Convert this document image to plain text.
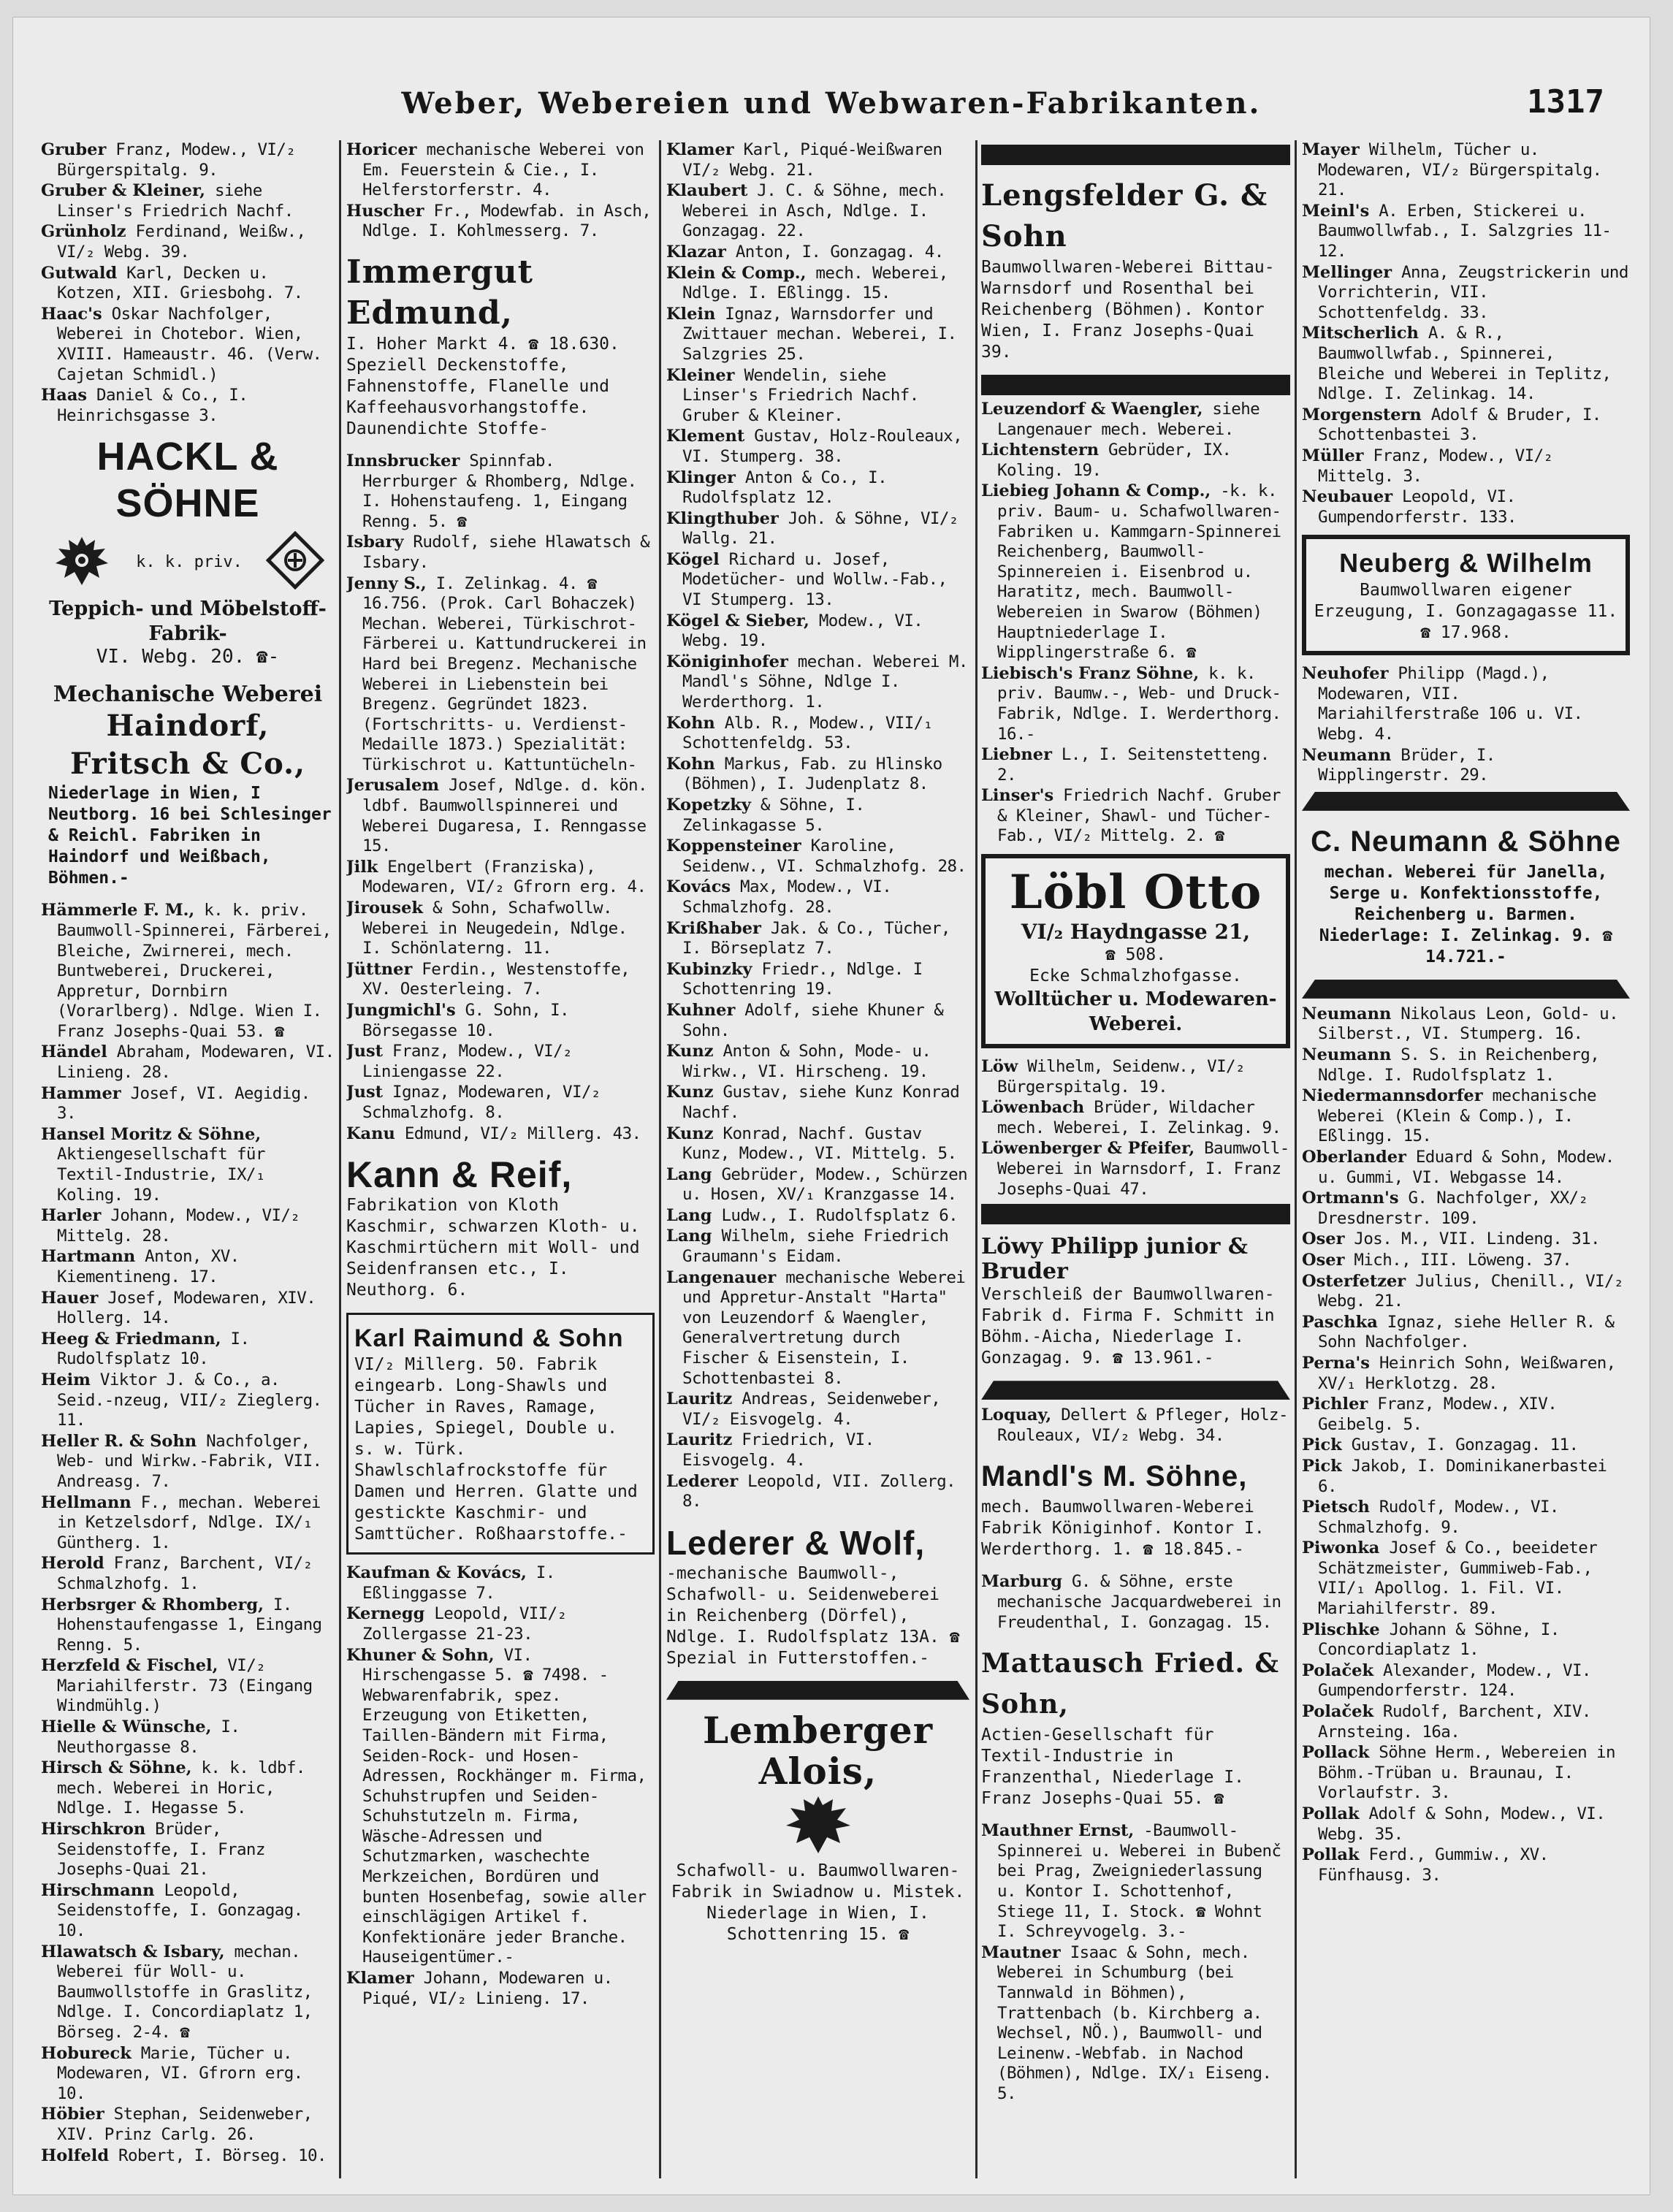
Weber, Webereien und Webwaren-Fabrikanten.	1317

Gruber Franz, Modew., VI/₂ Bürgerspitalg. 9.

Gruber & Kleiner, siehe Linser's Friedrich Nachf.

Grünholz Ferdinand, Weißw., VI/₂ Webg. 39.

Gutwald Karl, Decken u. Kotzen, XII. Griesbohg. 7.

Haac's Oskar Nachfolger, Weberei in Chotebor. Wien, XVIII. Hameaustr. 46. (Verw. Cajetan Schmidl.)

Haas Daniel & Co., I. Heinrichsgasse 3.

HACKL & SÖHNE
k. k. priv.
Teppich- und Möbelstoff-Fabrik-
VI. Webg. 20. ☎-
Mechanische Weberei
Haindorf, Fritsch & Co.,
Niederlage in Wien, I Neutborg. 16 bei Schlesinger & Reichl. Fabriken in Haindorf und Weißbach, Böhmen.-

Hämmerle F. M., k. k. priv. Baumwoll-Spinnerei, Färberei, Bleiche, Zwirnerei, mech. Buntweberei, Druckerei, Appretur, Dornbirn (Vorarlberg). Ndlge. Wien I. Franz Josephs-Quai 53. ☎

Händel Abraham, Modewaren, VI. Linieng. 28.

Hammer Josef, VI. Aegidig. 3.

Hansel Moritz & Söhne, Aktiengesellschaft für Textil-Industrie, IX/₁ Koling. 19.

Harler Johann, Modew., VI/₂ Mittelg. 28.

Hartmann Anton, XV. Kiementineng. 17.

Hauer Josef, Modewaren, XIV. Hollerg. 14.

Heeg & Friedmann, I. Rudolfsplatz 10.

Heim Viktor J. & Co., a. Seid.-nzeug, VII/₂ Zieglerg. 11.

Heller R. & Sohn Nachfolger, Web- und Wirkw.-Fabrik, VII. Andreasg. 7.

Hellmann F., mechan. Weberei in Ketzelsdorf, Ndlge. IX/₁ Güntherg. 1.

Herold Franz, Barchent, VI/₂ Schmalzhofg. 1.

Herbsrger & Rhomberg, I. Hohenstaufengasse 1, Eingang Renng. 5.

Herzfeld & Fischel, VI/₂ Mariahilferstr. 73 (Eingang Windmühlg.)

Hielle & Wünsche, I. Neuthorgasse 8.

Hirsch & Söhne, k. k. ldbf. mech. Weberei in Horic, Ndlge. I. Hegasse 5.

Hirschkron Brüder, Seidenstoffe, I. Franz Josephs-Quai 21.

Hirschmann Leopold, Seidenstoffe, I. Gonzagag. 10.

Hlawatsch & Isbary, mechan. Weberei für Woll- u. Baumwollstoffe in Graslitz, Ndlge. I. Concordiaplatz 1, Börseg. 2-4. ☎

Hobureck Marie, Tücher u. Modewaren, VI. Gfrorn erg. 10.

Höbier Stephan, Seidenweber, XIV. Prinz Carlg. 26.

Holfeld Robert, I. Börseg. 10.

Horicer mechanische Weberei von Em. Feuerstein & Cie., I. Helferstorferstr. 4.

Huscher Fr., Modewfab. in Asch, Ndlge. I. Kohlmesserg. 7.

Immergut Edmund,
I. Hoher Markt 4. ☎ 18.630. Speziell Deckenstoffe, Fahnenstoffe, Flanelle und Kaffeehausvorhangstoffe. Daunendichte Stoffe-

Innsbrucker Spinnfab. Herrburger & Rhomberg, Ndlge. I. Hohenstaufeng. 1, Eingang Renng. 5. ☎

Isbary Rudolf, siehe Hlawatsch & Isbary.

Jenny S., I. Zelinkag. 4. ☎ 16.756. (Prok. Carl Bohaczek) Mechan. Weberei, Türkischrot-Färberei u. Kattundruckerei in Hard bei Bregenz. Mechanische Weberei in Liebenstein bei Bregenz. Gegründet 1823. (Fortschritts- u. Verdienst-Medaille 1873.) Spezialität: Türkischrot u. Kattuntücheln-

Jerusalem Josef, Ndlge. d. kön. ldbf. Baumwollspinnerei und Weberei Dugaresa, I. Renngasse 15.

Jilk Engelbert (Franziska), Modewaren, VI/₂ Gfrorn erg. 4.

Jirousek & Sohn, Schafwollw. Weberei in Neugedein, Ndlge. I. Schönlaterng. 11.

Jüttner Ferdin., Westenstoffe, XV. Oesterleing. 7.

Jungmichl's G. Sohn, I. Börsegasse 10.

Just Franz, Modew., VI/₂ Liniengasse 22.

Just Ignaz, Modewaren, VI/₂ Schmalzhofg. 8.

Kanu Edmund, VI/₂ Millerg. 43.

Kann & Reif,
Fabrikation von Kloth Kaschmir, schwarzen Kloth- u. Kaschmirtüchern mit Woll- und Seidenfransen etc., I. Neuthorg. 6.
Karl Raimund & Sohn
VI/₂ Millerg. 50. Fabrik eingearb. Long-Shawls und Tücher in Raves, Ramage, Lapies, Spiegel, Double u. s. w. Türk. Shawlschlafrockstoffe für Damen und Herren. Glatte und gestickte Kaschmir- und Samttücher. Roßhaarstoffe.-

Kaufman & Kovács, I. Eßlinggasse 7.

Kernegg Leopold, VII/₂ Zollergasse 21-23.

Khuner & Sohn, VI. Hirschengasse 5. ☎ 7498. -Webwarenfabrik, spez. Erzeugung von Etiketten, Taillen-Bändern mit Firma, Seiden-Rock- und Hosen-Adressen, Rockhänger m. Firma, Schuhstrupfen und Seiden-Schuhstutzeln m. Firma, Wäsche-Adressen und Schutzmarken, waschechte Merkzeichen, Bordüren und bunten Hosenbefag, sowie aller einschlägigen Artikel f. Konfektionäre jeder Branche. Hauseigentümer.-

Klamer Johann, Modewaren u. Piqué, VI/₂ Linieng. 17.

Klamer Karl, Piqué-Weißwaren VI/₂ Webg. 21.

Klaubert J. C. & Söhne, mech. Weberei in Asch, Ndlge. I. Gonzagag. 22.

Klazar Anton, I. Gonzagag. 4.

Klein & Comp., mech. Weberei, Ndlge. I. Eßlingg. 15.

Klein Ignaz, Warnsdorfer und Zwittauer mechan. Weberei, I. Salzgries 25.

Kleiner Wendelin, siehe Linser's Friedrich Nachf. Gruber & Kleiner.

Klement Gustav, Holz-Rouleaux, VI. Stumperg. 38.

Klinger Anton & Co., I. Rudolfsplatz 12.

Klingthuber Joh. & Söhne, VI/₂ Wallg. 21.

Kögel Richard u. Josef, Modetücher- und Wollw.-Fab., VI Stumperg. 13.

Kögel & Sieber, Modew., VI. Webg. 19.

Königinhofer mechan. Weberei M. Mandl's Söhne, Ndlge I. Werderthorg. 1.

Kohn Alb. R., Modew., VII/₁ Schottenfeldg. 53.

Kohn Markus, Fab. zu Hlinsko (Böhmen), I. Judenplatz 8.

Kopetzky & Söhne, I. Zelinkagasse 5.

Koppensteiner Karoline, Seidenw., VI. Schmalzhofg. 28.

Kovács Max, Modew., VI. Schmalzhofg. 28.

Krißhaber Jak. & Co., Tücher, I. Börseplatz 7.

Kubinzky Friedr., Ndlge. I Schottenring 19.

Kuhner Adolf, siehe Khuner & Sohn.

Kunz Anton & Sohn, Mode- u. Wirkw., VI. Hirscheng. 19.

Kunz Gustav, siehe Kunz Konrad Nachf.

Kunz Konrad, Nachf. Gustav Kunz, Modew., VI. Mittelg. 5.

Lang Gebrüder, Modew., Schürzen u. Hosen, XV/₁ Kranzgasse 14.

Lang Ludw., I. Rudolfsplatz 6.

Lang Wilhelm, siehe Friedrich Graumann's Eidam.

Langenauer mechanische Weberei und Appretur-Anstalt "Harta" von Leuzendorf & Waengler, Generalvertretung durch Fischer & Eisenstein, I. Schottenbastei 8.

Lauritz Andreas, Seidenweber, VI/₂ Eisvogelg. 4.

Lauritz Friedrich, VI. Eisvogelg. 4.

Lederer Leopold, VII. Zollerg. 8.

Lederer & Wolf,
-mechanische Baumwoll-, Schafwoll- u. Seidenweberei in Reichenberg (Dörfel), Ndlge. I. Rudolfsplatz 13A. ☎ Spezial in Futterstoffen.-
Lemberger Alois,
Schafwoll- u. Baumwollwaren-Fabrik in Swiadnow u. Mistek. Niederlage in Wien, I. Schottenring 15. ☎
Lengsfelder G. & Sohn
Baumwollwaren-Weberei Bittau-Warnsdorf und Rosenthal bei Reichenberg (Böhmen). Kontor Wien, I. Franz Josephs-Quai 39.

Leuzendorf & Waengler, siehe Langenauer mech. Weberei.

Lichtenstern Gebrüder, IX. Koling. 19.

Liebieg Johann & Comp., -k. k. priv. Baum- u. Schafwollwaren-Fabriken u. Kammgarn-Spinnerei Reichenberg, Baumwoll-Spinnereien i. Eisenbrod u. Haratitz, mech. Baumwoll-Webereien in Swarow (Böhmen) Hauptniederlage I. Wipplingerstraße 6. ☎

Liebisch's Franz Söhne, k. k. priv. Baumw.-, Web- und Druck-Fabrik, Ndlge. I. Werderthorg. 16.-

Liebner L., I. Seitenstetteng. 2.

Linser's Friedrich Nachf. Gruber & Kleiner, Shawl- und Tücher-Fab., VI/₂ Mittelg. 2. ☎

Löbl Otto
VI/₂ Haydngasse 21,
☎ 508.
Ecke Schmalzhofgasse.
Wolltücher u. Modewaren-Weberei.

Löw Wilhelm, Seidenw., VI/₂ Bürgerspitalg. 19.

Löwenbach Brüder, Wildacher mech. Weberei, I. Zelinkag. 9.

Löwenberger & Pfeifer, Baumwoll-Weberei in Warnsdorf, I. Franz Josephs-Quai 47.

Löwy Philipp junior & Bruder
Verschleiß der Baumwollwaren-Fabrik d. Firma F. Schmitt in Böhm.-Aicha, Niederlage I. Gonzagag. 9. ☎ 13.961.-

Loquay, Dellert & Pfleger, Holz-Rouleaux, VI/₂ Webg. 34.

Mandl's M. Söhne,
mech. Baumwollwaren-Weberei Fabrik Königinhof. Kontor I. Werderthorg. 1. ☎ 18.845.-

Marburg G. & Söhne, erste mechanische Jacquardweberei in Freudenthal, I. Gonzagag. 15.

Mattausch Fried. & Sohn,
Actien-Gesellschaft für Textil-Industrie in Franzenthal, Niederlage I. Franz Josephs-Quai 55. ☎

Mauthner Ernst, -Baumwoll-Spinnerei u. Weberei in Bubenč bei Prag, Zweigniederlassung u. Kontor I. Schottenhof, Stiege 11, I. Stock. ☎ Wohnt I. Schreyvogelg. 3.-

Mautner Isaac & Sohn, mech. Weberei in Schumburg (bei Tannwald in Böhmen), Trattenbach (b. Kirchberg a. Wechsel, NÖ.), Baumwoll- und Leinenw.-Webfab. in Nachod (Böhmen), Ndlge. IX/₁ Eiseng. 5.

Mayer Wilhelm, Tücher u. Modewaren, VI/₂ Bürgerspitalg. 21.

Meinl's A. Erben, Stickerei u. Baumwollwfab., I. Salzgries 11-12.

Mellinger Anna, Zeugstrickerin und Vorrichterin, VII. Schottenfeldg. 33.

Mitscherlich A. & R., Baumwollwfab., Spinnerei, Bleiche und Weberei in Teplitz, Ndlge. I. Zelinkag. 14.

Morgenstern Adolf & Bruder, I. Schottenbastei 3.

Müller Franz, Modew., VI/₂ Mittelg. 3.

Neubauer Leopold, VI. Gumpendorferstr. 133.

Neuberg & Wilhelm
Baumwollwaren eigener Erzeugung, I. Gonzagagasse 11. ☎ 17.968.

Neuhofer Philipp (Magd.), Modewaren, VII. Mariahilferstraße 106 u. VI. Webg. 4.

Neumann Brüder, I. Wipplingerstr. 29.

C. Neumann & Söhne
mechan. Weberei für Janella, Serge u. Konfektionsstoffe, Reichenberg u. Barmen. Niederlage: I. Zelinkag. 9. ☎ 14.721.-

Neumann Nikolaus Leon, Gold- u. Silberst., VI. Stumperg. 16.

Neumann S. S. in Reichenberg, Ndlge. I. Rudolfsplatz 1.

Niedermannsdorfer mechanische Weberei (Klein & Comp.), I. Eßlingg. 15.

Oberlander Eduard & Sohn, Modew. u. Gummi, VI. Webgasse 14.

Ortmann's G. Nachfolger, XX/₂ Dresdnerstr. 109.

Oser Jos. M., VII. Lindeng. 31.

Oser Mich., III. Löweng. 37.

Osterfetzer Julius, Chenill., VI/₂ Webg. 21.

Paschka Ignaz, siehe Heller R. & Sohn Nachfolger.

Perna's Heinrich Sohn, Weißwaren, XV/₁ Herklotzg. 28.

Pichler Franz, Modew., XIV. Geibelg. 5.

Pick Gustav, I. Gonzagag. 11.

Pick Jakob, I. Dominikanerbastei 6.

Pietsch Rudolf, Modew., VI. Schmalzhofg. 9.

Piwonka Josef & Co., beeideter Schätzmeister, Gummiweb-Fab., VII/₁ Apollog. 1. Fil. VI. Mariahilferstr. 89.

Plischke Johann & Söhne, I. Concordiaplatz 1.

Polaček Alexander, Modew., VI. Gumpendorferstr. 124.

Polaček Rudolf, Barchent, XIV. Arnsteing. 16a.

Pollack Söhne Herm., Webereien in Böhm.-Trüban u. Braunau, I. Vorlaufstr. 3.

Pollak Adolf & Sohn, Modew., VI. Webg. 35.

Pollak Ferd., Gummiw., XV. Fünfhausg. 3.
